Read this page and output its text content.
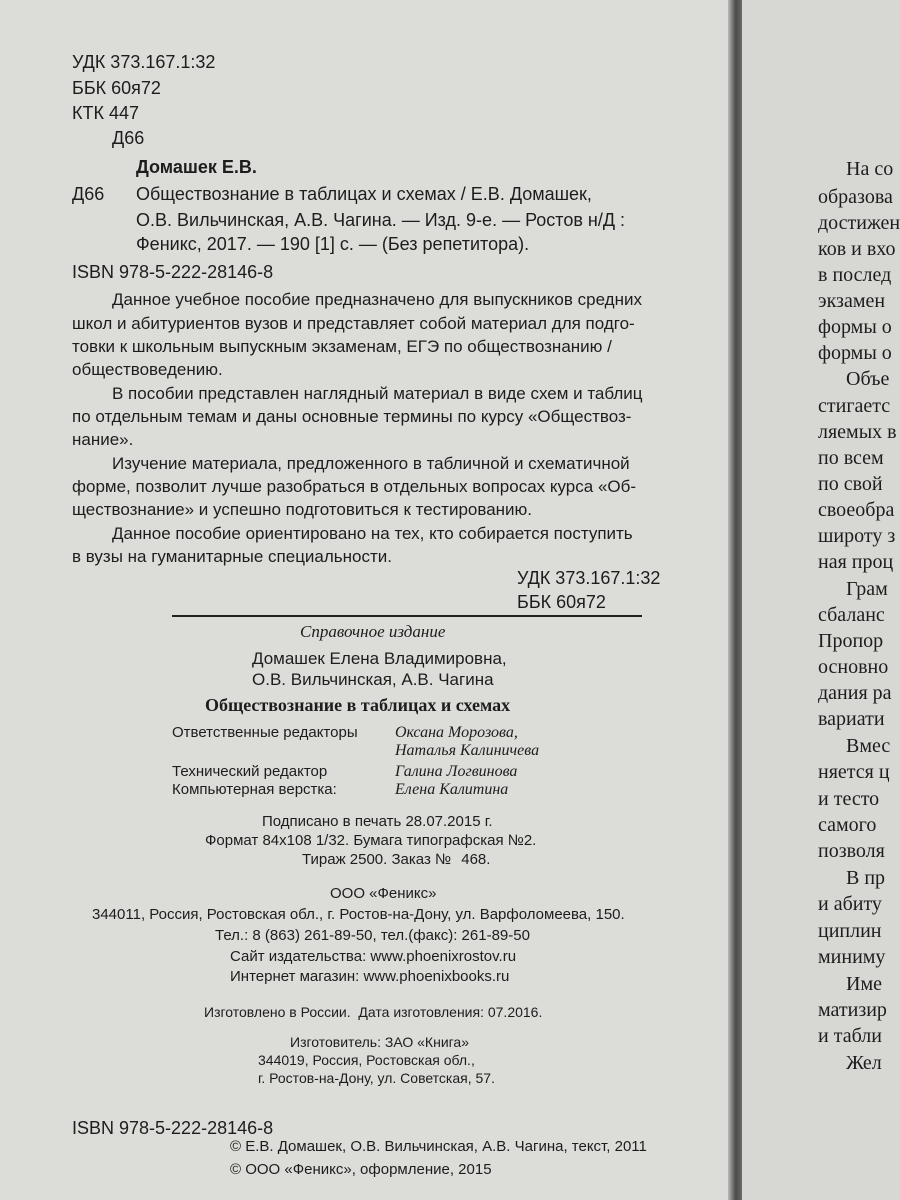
УДК 373.167.1:32
ББК 60я72
КТК 447
Д66
Домашек Е.В.
Д66 Обществознание в таблицах и схемах / Е.В. Домашек,
О.В. Вильчинская, А.В. Чагина. — Изд. 9-е. — Ростов н/Д :
Феникс, 2017. — 190 [1] с. — (Без репетитора).
ISBN 978-5-222-28146-8
Данное учебное пособие предназначено для выпускников средних
школ и абитуриентов вузов и представляет собой материал для подго-
товки к школьным выпускным экзаменам, ЕГЭ по обществознанию /
обществоведению.
В пособии представлен наглядный материал в виде схем и таблиц
по отдельным темам и даны основные термины по курсу «Обществоз-
нание».
Изучение материала, предложенного в табличной и схематичной
форме, позволит лучше разобраться в отдельных вопросах курса «Об-
ществознание» и успешно подготовиться к тестированию.
Данное пособие ориентировано на тех, кто собирается поступить
в вузы на гуманитарные специальности.
УДК 373.167.1:32
ББК 60я72
Справочное издание
Домашек Елена Владимировна,
О.В. Вильчинская, А.В. Чагина
Обществознание в таблицах и схемах
Ответственные редакторы Оксана Морозова,
Наталья Калиничева
Технический редактор	Галина Логвинова
Компьютерная верстка:	Елена Калитина
Подписано в печать 28.07.2015 г.
Формат 84x108 1/32. Бумага типографская №2.
Тираж 2500. Заказ № 468.
ООО «Феникс»
344011, Россия, Ростовская обл., г. Ростов-на-Дону, ул. Варфоломеева, 150.
Тел.: 8 (863) 261-89-50, тел.(факс): 261-89-50
Сайт издательства: www.phoenixrostov.ru
Интернет магазин: www.phoenixbooks.ru
Изготовлено в России.  Дата изготовления: 07.2016.
Изготовитель: ЗАО «Книга»
344019, Россия, Ростовская обл.,
г. Ростов-на-Дону, ул. Советская, 57.
ISBN 978-5-222-28146-8
© Е.В. Домашек, О.В. Вильчинская, А.В. Чагина, текст, 2011
© ООО «Феникс», оформление, 2015
На со
образова
достижен
ков и вхо
в послед
экзамен
формы о
формы о
Объе
стигаетс
ляемых в
по всем
по свой
своеобра
широту з
ная проц
Грам
сбаланс
Пропор
основно
дания ра
вариати
Вмес
няется ц
и тесто
самого
позволя
В пр
и абиту
циплин
миниму
Име
матизир
и табли
Жел
